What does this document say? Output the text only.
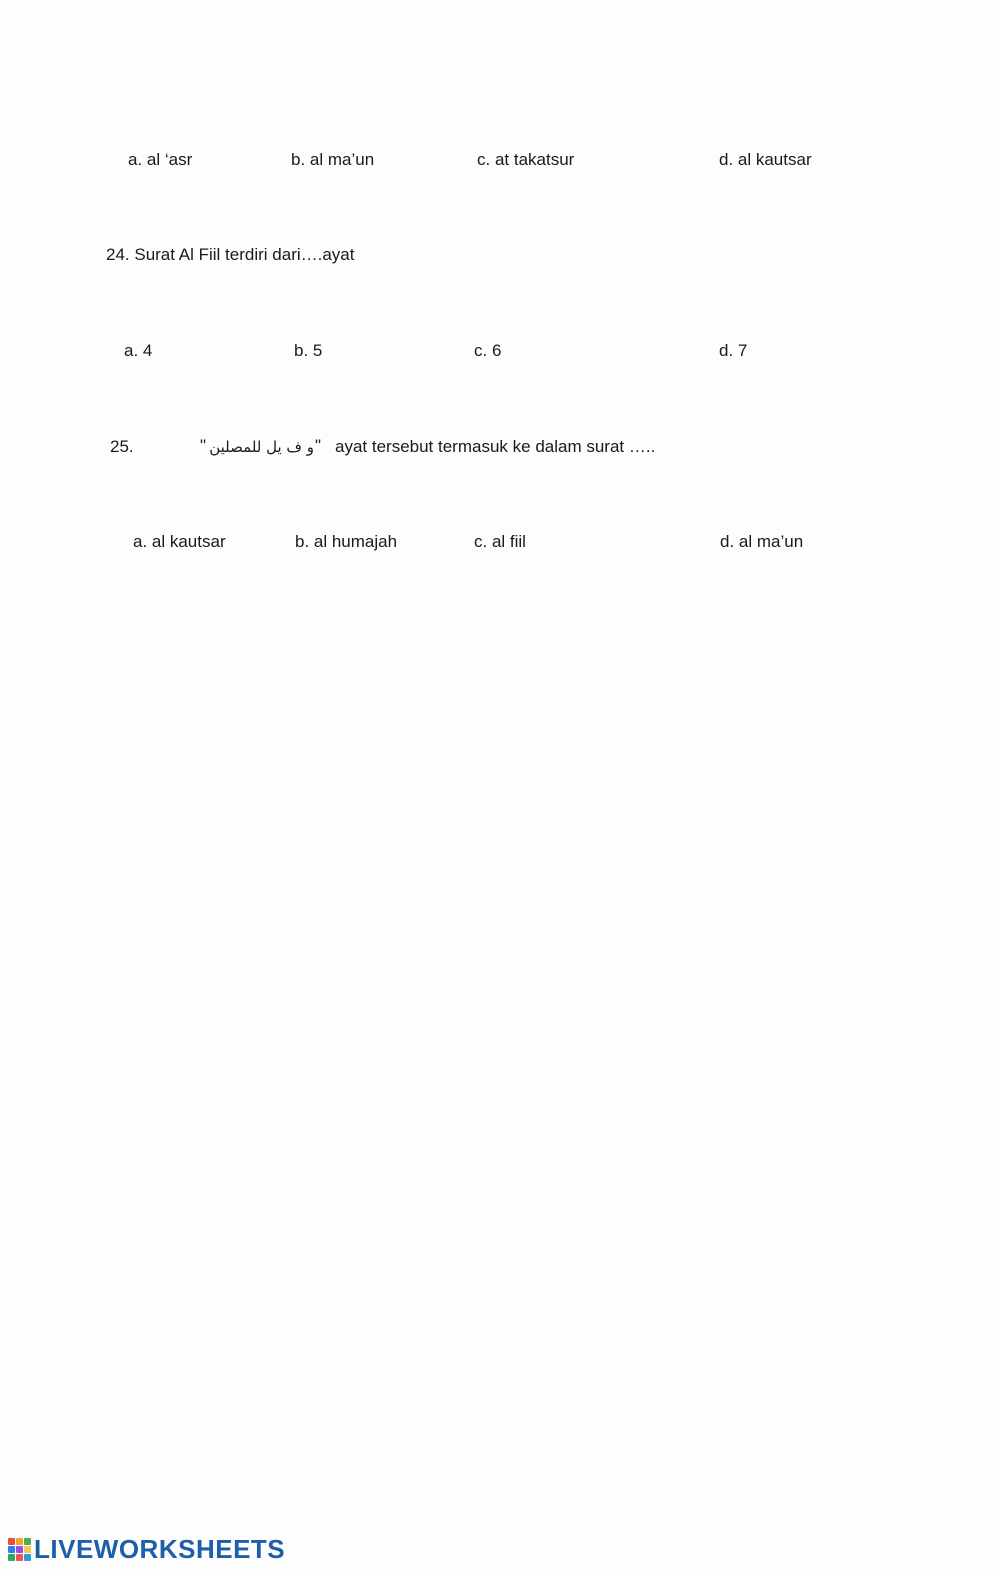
a. al ‘asr	b. al ma’un	c. at takatsur	d. al kautsar
24. Surat Al Fiil terdiri dari….ayat
a. 4	b. 5	c. 6	d. 7
25.	" و ف يل للمصلين " ayat tersebut termasuk ke dalam surat …..
a. al kautsar	b. al humajah	c. al fiil	d. al ma’un
LIVEWORKSHEETS
